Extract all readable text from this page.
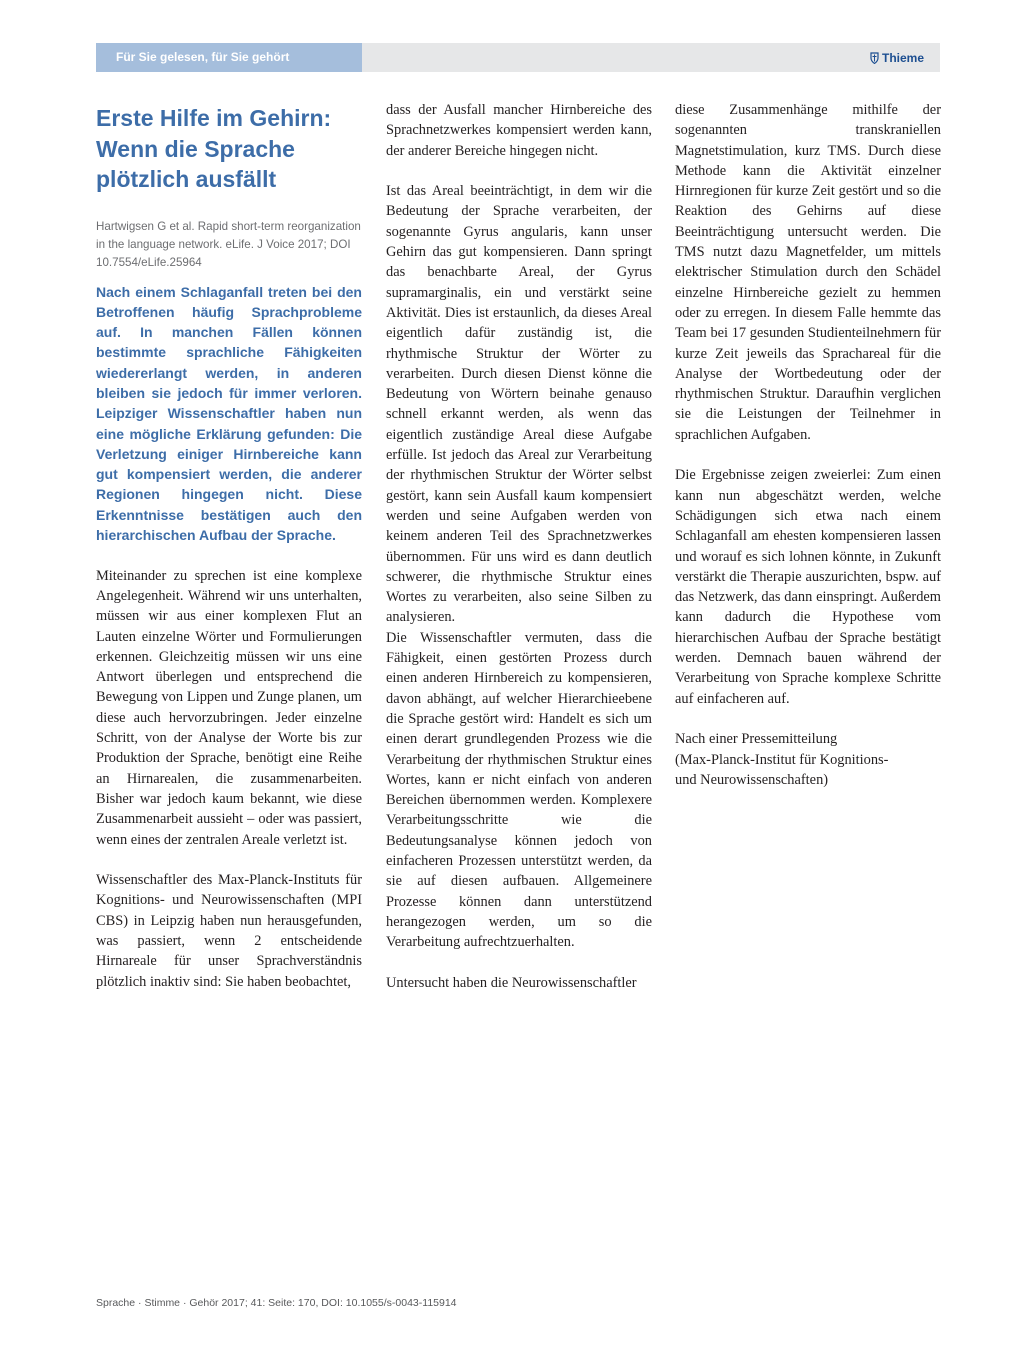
Für Sie gelesen, für Sie gehört	Thieme
Erste Hilfe im Gehirn: Wenn die Sprache plötzlich ausfällt
Hartwigsen G et al. Rapid short-term reorganization in the language network. eLife. J Voice 2017; DOI 10.7554/eLife.25964

Nach einem Schlaganfall treten bei den Betroffenen häufig Sprachprobleme auf. In manchen Fällen können bestimmte sprachliche Fähigkeiten wiedererlangt werden, in anderen bleiben sie jedoch für immer verloren. Leipziger Wissenschaftler haben nun eine mögliche Erklärung gefunden: Die Verletzung einiger Hirnbereiche kann gut kompensiert werden, die anderer Regionen hingegen nicht. Diese Erkenntnisse bestätigen auch den hierarchischen Aufbau der Sprache.

Miteinander zu sprechen ist eine komplexe Angelegenheit. Während wir uns unterhalten, müssen wir aus einer komplexen Flut an Lauten einzelne Wörter und Formulierungen erkennen. Gleichzeitig müssen wir uns eine Antwort überlegen und entsprechend die Bewegung von Lippen und Zunge planen, um diese auch hervorzubringen. Jeder einzelne Schritt, von der Analyse der Worte bis zur Produktion der Sprache, benötigt eine Reihe an Hirnarealen, die zusammenarbeiten. Bisher war jedoch kaum bekannt, wie diese Zusammenarbeit aussieht – oder was passiert, wenn eines der zentralen Areale verletzt ist.

Wissenschaftler des Max-Planck-Instituts für Kognitions- und Neurowissenschaften (MPI CBS) in Leipzig haben nun herausgefunden, was passiert, wenn 2 entscheidende Hirnareale für unser Sprachverständnis plötzlich inaktiv sind: Sie haben beobachtet,

dass der Ausfall mancher Hirnbereiche des Sprachnetzwerkes kompensiert werden kann, der anderer Bereiche hingegen nicht.

Ist das Areal beeinträchtigt, in dem wir die Bedeutung der Sprache verarbeiten, der sogenannte Gyrus angularis, kann unser Gehirn das gut kompensieren. Dann springt das benachbarte Areal, der Gyrus supramarginalis, ein und verstärkt seine Aktivität. Dies ist erstaunlich, da dieses Areal eigentlich dafür zuständig ist, die rhythmische Struktur der Wörter zu verarbeiten. Durch diesen Dienst könne die Bedeutung von Wörtern beinahe genauso schnell erkannt werden, als wenn das eigentlich zuständige Areal diese Aufgabe erfülle. Ist jedoch das Areal zur Verarbeitung der rhythmischen Struktur der Wörter selbst gestört, kann sein Ausfall kaum kompensiert werden und seine Aufgaben werden von keinem anderen Teil des Sprachnetzwerkes übernommen. Für uns wird es dann deutlich schwerer, die rhythmische Struktur eines Wortes zu verarbeiten, also seine Silben zu analysieren.

Die Wissenschaftler vermuten, dass die Fähigkeit, einen gestörten Prozess durch einen anderen Hirnbereich zu kompensieren, davon abhängt, auf welcher Hierarchieebene die Sprache gestört wird: Handelt es sich um einen derart grundlegenden Prozess wie die Verarbeitung der rhythmischen Struktur eines Wortes, kann er nicht einfach von anderen Bereichen übernommen werden. Komplexere Verarbeitungsschritte wie die Bedeutungsanalyse können jedoch von einfacheren Prozessen unterstützt werden, da sie auf diesen aufbauen. Allgemeinere Prozesse können dann unterstützend herangezogen werden, um so die Verarbeitung aufrechtzuerhalten.

Untersucht haben die Neurowissenschaftler

diese Zusammenhänge mithilfe der sogenannten transkraniellen Magnetstimulation, kurz TMS. Durch diese Methode kann die Aktivität einzelner Hirnregionen für kurze Zeit gestört und so die Reaktion des Gehirns auf diese Beeinträchtigung untersucht werden. Die TMS nutzt dazu Magnetfelder, um mittels elektrischer Stimulation durch den Schädel einzelne Hirnbereiche gezielt zu hemmen oder zu erregen. In diesem Falle hemmte das Team bei 17 gesunden Studienteilnehmern für kurze Zeit jeweils das Sprachareal für die Analyse der Wortbedeutung oder der rhythmischen Struktur. Daraufhin verglichen sie die Leistungen der Teilnehmer in sprachlichen Aufgaben.

Die Ergebnisse zeigen zweierlei: Zum einen kann nun abgeschätzt werden, welche Schädigungen sich etwa nach einem Schlaganfall am ehesten kompensieren lassen und worauf es sich lohnen könnte, in Zukunft verstärkt die Therapie auszurichten, bspw. auf das Netzwerk, das dann einspringt. Außerdem kann dadurch die Hypothese vom hierarchischen Aufbau der Sprache bestätigt werden. Demnach bauen während der Verarbeitung von Sprache komplexe Schritte auf einfacheren auf.

Nach einer Pressemitteilung

(Max-Planck-Institut für Kognitions-

und Neurowissenschaften)

Sprache · Stimme · Gehör 2017; 41: Seite: 170, DOI: 10.1055/s-0043-115914
